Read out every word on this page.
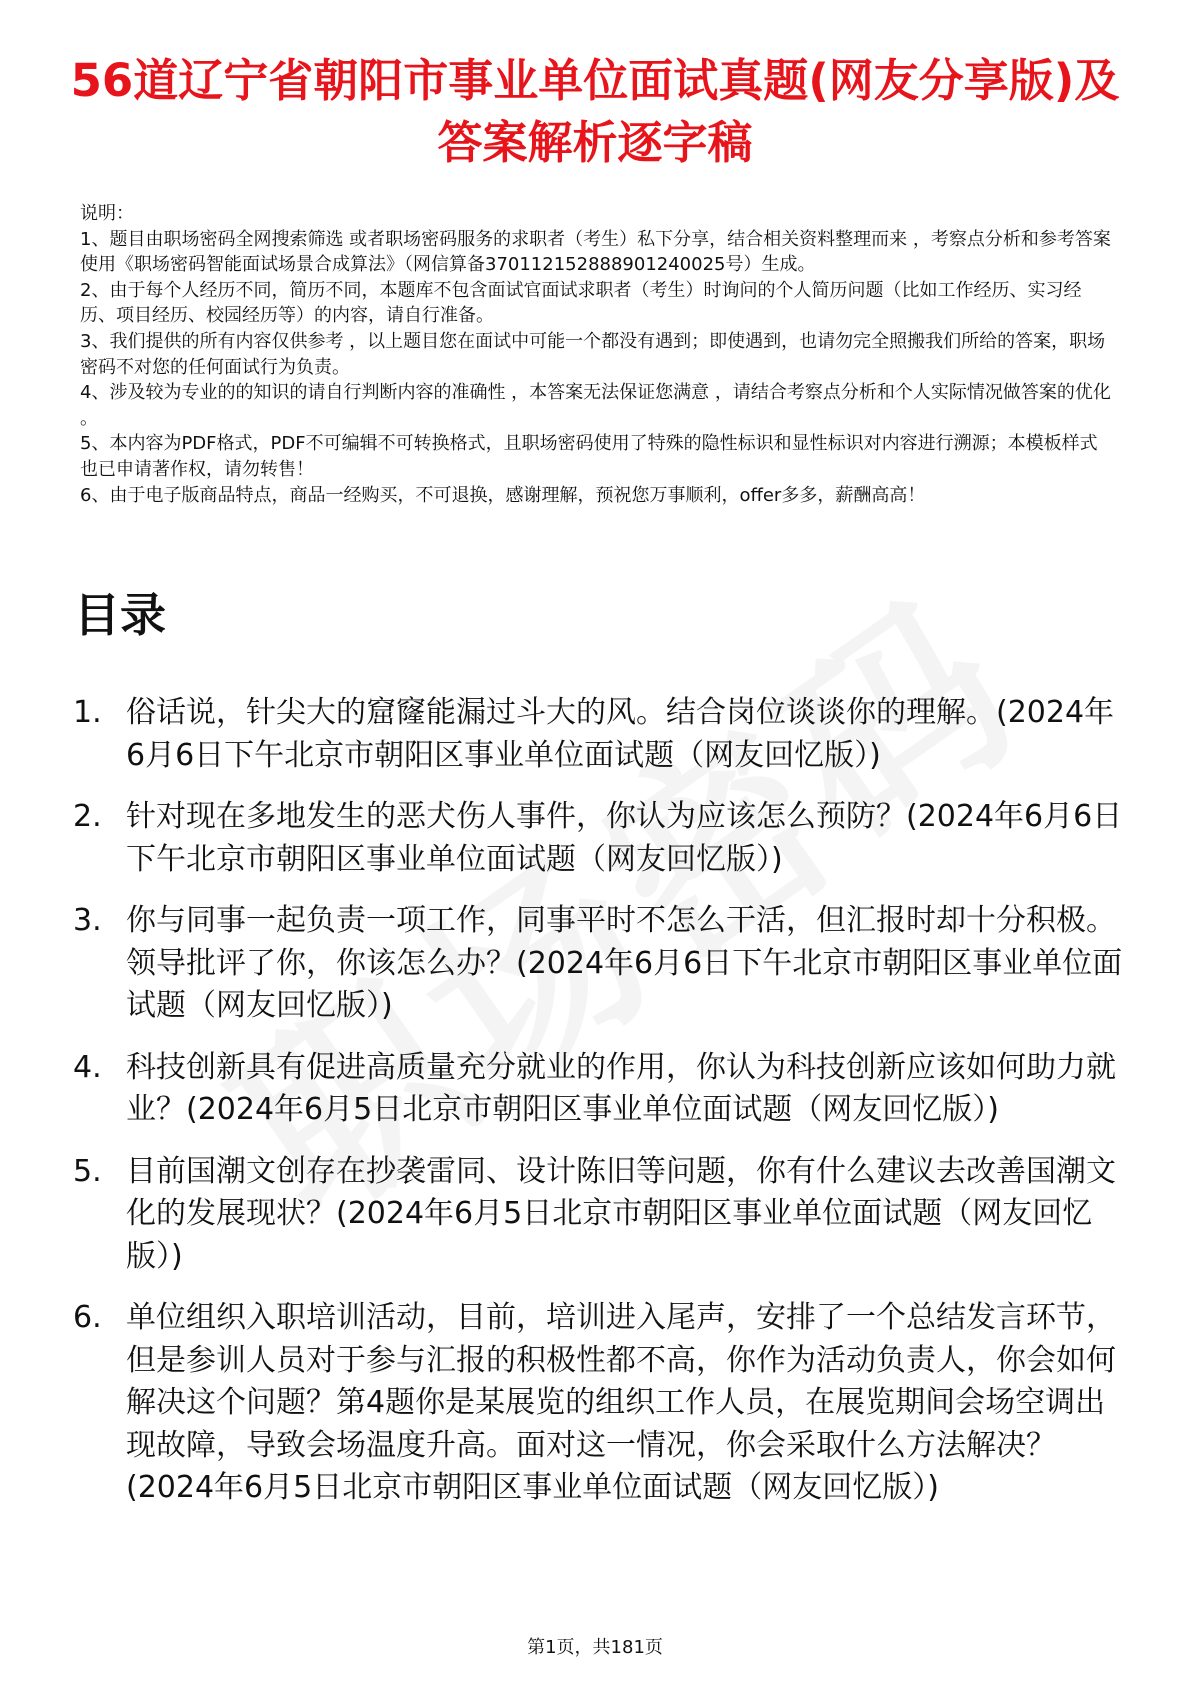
56道辽宁省朝阳市事业单位面试真题(网友分享版)及答案解析逐字稿

说明：

1、题目由职场密码全网搜索筛选 或者职场密码服务的求职者（考生）私下分享，结合相关资料整理而来 ，考察点分析和参考答案使用《职场密码智能面试场景合成算法》（网信算备370112152888901240025号）生成。

2、由于每个人经历不同，简历不同，本题库不包含面试官面试求职者（考生）时询问的个人简历问题（比如工作经历、实习经历、项目经历、校园经历等）的内容，请自行准备。

3、我们提供的所有内容仅供参考 ，以上题目您在面试中可能一个都没有遇到；即使遇到，也请勿完全照搬我们所给的答案，职场密码不对您的任何面试行为负责。

4、涉及较为专业的的知识的请自行判断内容的准确性 ，本答案无法保证您满意 ，请结合考察点分析和个人实际情况做答案的优化 。

5、本内容为PDF格式，PDF不可编辑不可转换格式，且职场密码使用了特殊的隐性标识和显性标识对内容进行溯源；本模板样式也已申请著作权，请勿转售！

6、由于电子版商品特点，商品一经购买，不可退换，感谢理解，预祝您万事顺利，offer多多，薪酬高高！

目录
1. 俗话说，针尖大的窟窿能漏过斗大的风。结合岗位谈谈你的理解。(2024年6月6日下午北京市朝阳区事业单位面试题（网友回忆版）)
2. 针对现在多地发生的恶犬伤人事件，你认为应该怎么预防？(2024年6月6日下午北京市朝阳区事业单位面试题（网友回忆版）)
3. 你与同事一起负责一项工作，同事平时不怎么干活，但汇报时却十分积极。领导批评了你，你该怎么办？(2024年6月6日下午北京市朝阳区事业单位面试题（网友回忆版）)
4. 科技创新具有促进高质量充分就业的作用，你认为科技创新应该如何助力就业？(2024年6月5日北京市朝阳区事业单位面试题（网友回忆版）)
5. 目前国潮文创存在抄袭雷同、设计陈旧等问题，你有什么建议去改善国潮文化的发展现状？(2024年6月5日北京市朝阳区事业单位面试题（网友回忆版）)
6. 单位组织入职培训活动，目前，培训进入尾声，安排了一个总结发言环节，但是参训人员对于参与汇报的积极性都不高，你作为活动负责人，你会如何解决这个问题？第4题你是某展览的组织工作人员，在展览期间会场空调出现故障，导致会场温度升高。面对这一情况，你会采取什么方法解决？(2024年6月5日北京市朝阳区事业单位面试题（网友回忆版）)
第1页，共181页
